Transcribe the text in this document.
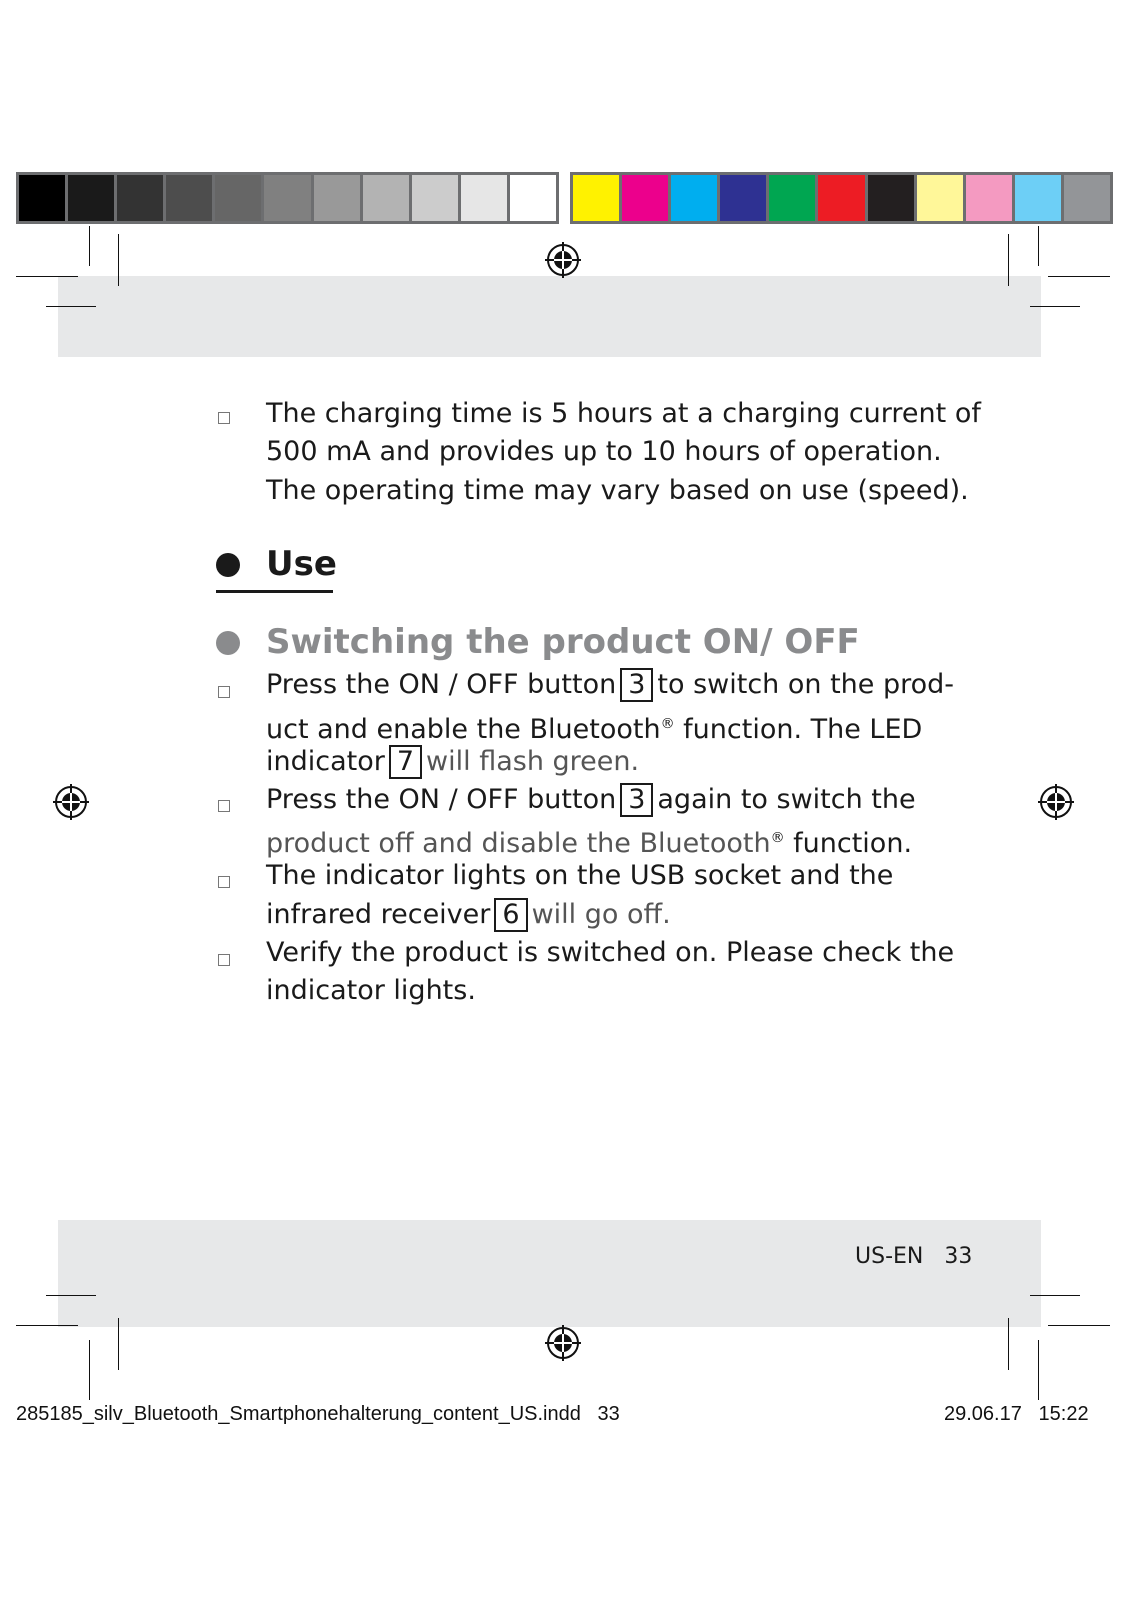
The charging time is 5 hours at a charging current of
500 mA and provides up to 10 hours of operation.
The operating time may vary based on use (speed).
Use
Switching the product ON/ OFF
Press the ON / OFF button 3 to switch on the prod-
uct and enable the Bluetooth® function. The LED
indicator 7 will flash green.
Press the ON / OFF button 3 again to switch the
product off and disable the Bluetooth® function.
The indicator lights on the USB socket and the
infrared receiver 6 will go off.
Verify the product is switched on. Please check the
indicator lights.
US-EN 33
285185_silv_Bluetooth_Smartphonehalterung_content_US.indd 33	29.06.17 15:22
